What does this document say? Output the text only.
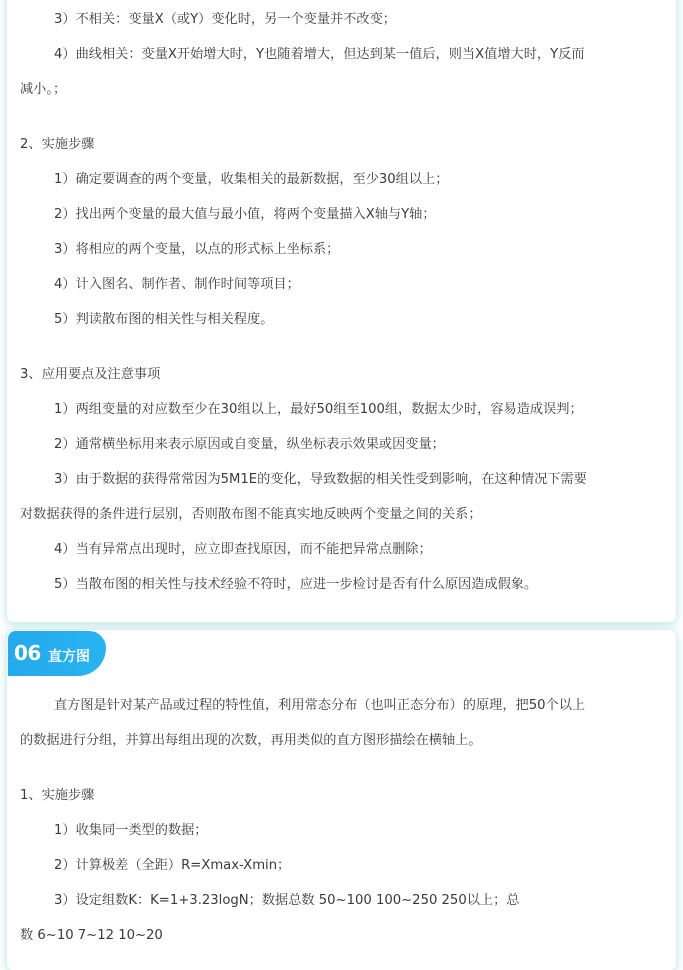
3）不相关：变量X（或Y）变化时，另一个变量并不改变；
4）曲线相关：变量X开始增大时，Y也随着增大，但达到某一值后，则当X值增大时，Y反而
减小。；
2、实施步骤
1）确定要调查的两个变量，收集相关的最新数据，至少30组以上；
2）找出两个变量的最大值与最小值，将两个变量描入X轴与Y轴；
3）将相应的两个变量，以点的形式标上坐标系；
4）计入图名、制作者、制作时间等项目；
5）判读散布图的相关性与相关程度。
3、应用要点及注意事项
1）两组变量的对应数至少在30组以上，最好50组至100组，数据太少时，容易造成误判；
2）通常横坐标用来表示原因或自变量，纵坐标表示效果或因变量；
3）由于数据的获得常常因为5M1E的变化，导致数据的相关性受到影响，在这种情况下需要
对数据获得的条件进行层别，否则散布图不能真实地反映两个变量之间的关系；
4）当有异常点出现时，应立即查找原因，而不能把异常点删除；
5）当散布图的相关性与技术经验不符时，应进一步检讨是否有什么原因造成假象。
06 直方图
直方图是针对某产品或过程的特性值，利用常态分布（也叫正态分布）的原理，把50个以上
的数据进行分组，并算出每组出现的次数，再用类似的直方图形描绘在横轴上。
1、实施步骤
1）收集同一类型的数据；
2）计算极差（全距）R=Xmax-Xmin；
3）设定组数K：K=1+3.23logN；数据总数 50~100 100~250 250以上；总
数 6~10 7~12 10~20
